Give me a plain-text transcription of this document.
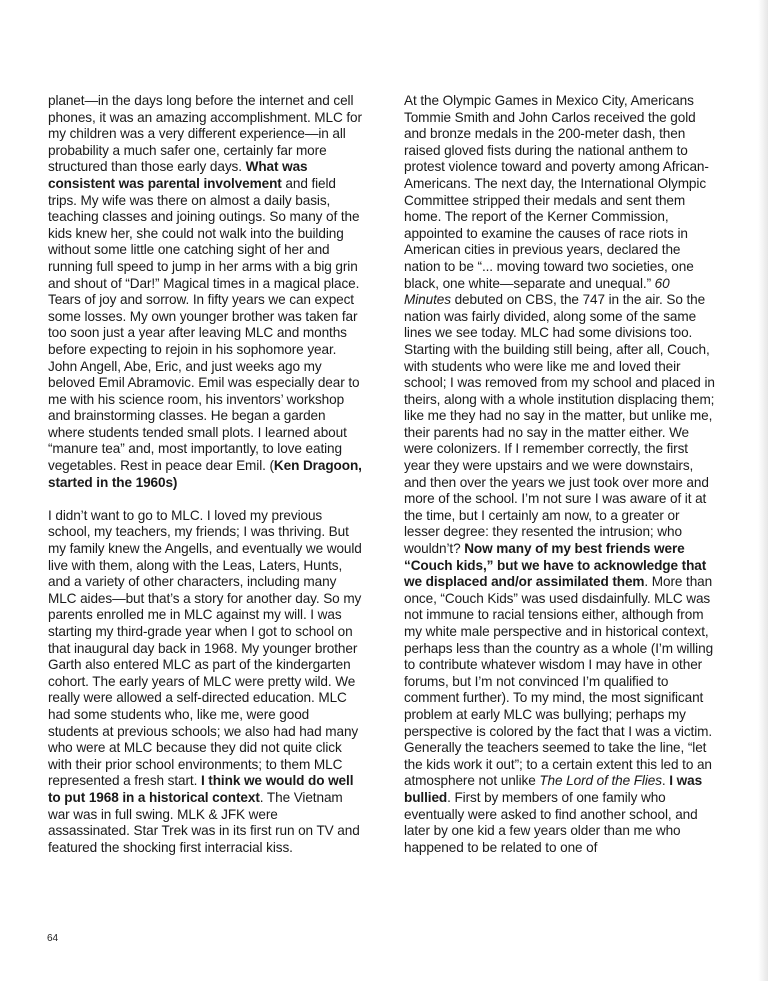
planet—in the days long before the internet and cell phones, it was an amazing accomplishment. MLC for my children was a very different experience—in all probability a much safer one, certainly far more structured than those early days. What was consistent was parental involvement and field trips. My wife was there on almost a daily basis, teaching classes and joining outings. So many of the kids knew her, she could not walk into the building without some little one catching sight of her and running full speed to jump in her arms with a big grin and shout of “Dar!” Magical times in a magical place. Tears of joy and sorrow. In fifty years we can expect some losses. My own younger brother was taken far too soon just a year after leaving MLC and months before expecting to rejoin in his sophomore year. John Angell, Abe, Eric, and just weeks ago my beloved Emil Abramovic. Emil was especially dear to me with his science room, his inventors’ workshop and brainstorming classes. He began a garden where students tended small plots. I learned about “manure tea” and, most importantly, to love eating vegetables. Rest in peace dear Emil. (Ken Dragoon, started in the 1960s)

I didn’t want to go to MLC. I loved my previous school, my teachers, my friends; I was thriving. But my family knew the Angells, and eventually we would live with them, along with the Leas, Laters, Hunts, and a variety of other characters, including many MLC aides—but that’s a story for another day. So my parents enrolled me in MLC against my will. I was starting my third-grade year when I got to school on that inaugural day back in 1968. My younger brother Garth also entered MLC as part of the kindergarten cohort. The early years of MLC were pretty wild. We really were allowed a self-directed education. MLC had some students who, like me, were good students at previous schools; we also had had many who were at MLC because they did not quite click with their prior school environments; to them MLC represented a fresh start. I think we would do well to put 1968 in a historical context. The Vietnam war was in full swing. MLK & JFK were assassinated. Star Trek was in its first run on TV and featured the shocking first interracial kiss.

At the Olympic Games in Mexico City, Americans Tommie Smith and John Carlos received the gold and bronze medals in the 200-meter dash, then raised gloved fists during the national anthem to protest violence toward and poverty among African-Americans. The next day, the International Olympic Committee stripped their medals and sent them home. The report of the Kerner Commission, appointed to examine the causes of race riots in American cities in previous years, declared the nation to be “... moving toward two societies, one black, one white—separate and unequal.” 60 Minutes debuted on CBS, the 747 in the air. So the nation was fairly divided, along some of the same lines we see today. MLC had some divisions too. Starting with the building still being, after all, Couch, with students who were like me and loved their school; I was removed from my school and placed in theirs, along with a whole institution displacing them; like me they had no say in the matter, but unlike me, their parents had no say in the matter either. We were colonizers. If I remember correctly, the first year they were upstairs and we were downstairs, and then over the years we just took over more and more of the school. I’m not sure I was aware of it at the time, but I certainly am now, to a greater or lesser degree: they resented the intrusion; who wouldn’t? Now many of my best friends were “Couch kids,” but we have to acknowledge that we displaced and/or assimilated them. More than once, “Couch Kids” was used disdainfully. MLC was not immune to racial tensions either, although from my white male perspective and in historical context, perhaps less than the country as a whole (I’m willing to contribute whatever wisdom I may have in other forums, but I’m not convinced I’m qualified to comment further). To my mind, the most significant problem at early MLC was bullying; perhaps my perspective is colored by the fact that I was a victim. Generally the teachers seemed to take the line, “let the kids work it out”; to a certain extent this led to an atmosphere not unlike The Lord of the Flies. I was bullied. First by members of one family who eventually were asked to find another school, and later by one kid a few years older than me who happened to be related to one of

64
